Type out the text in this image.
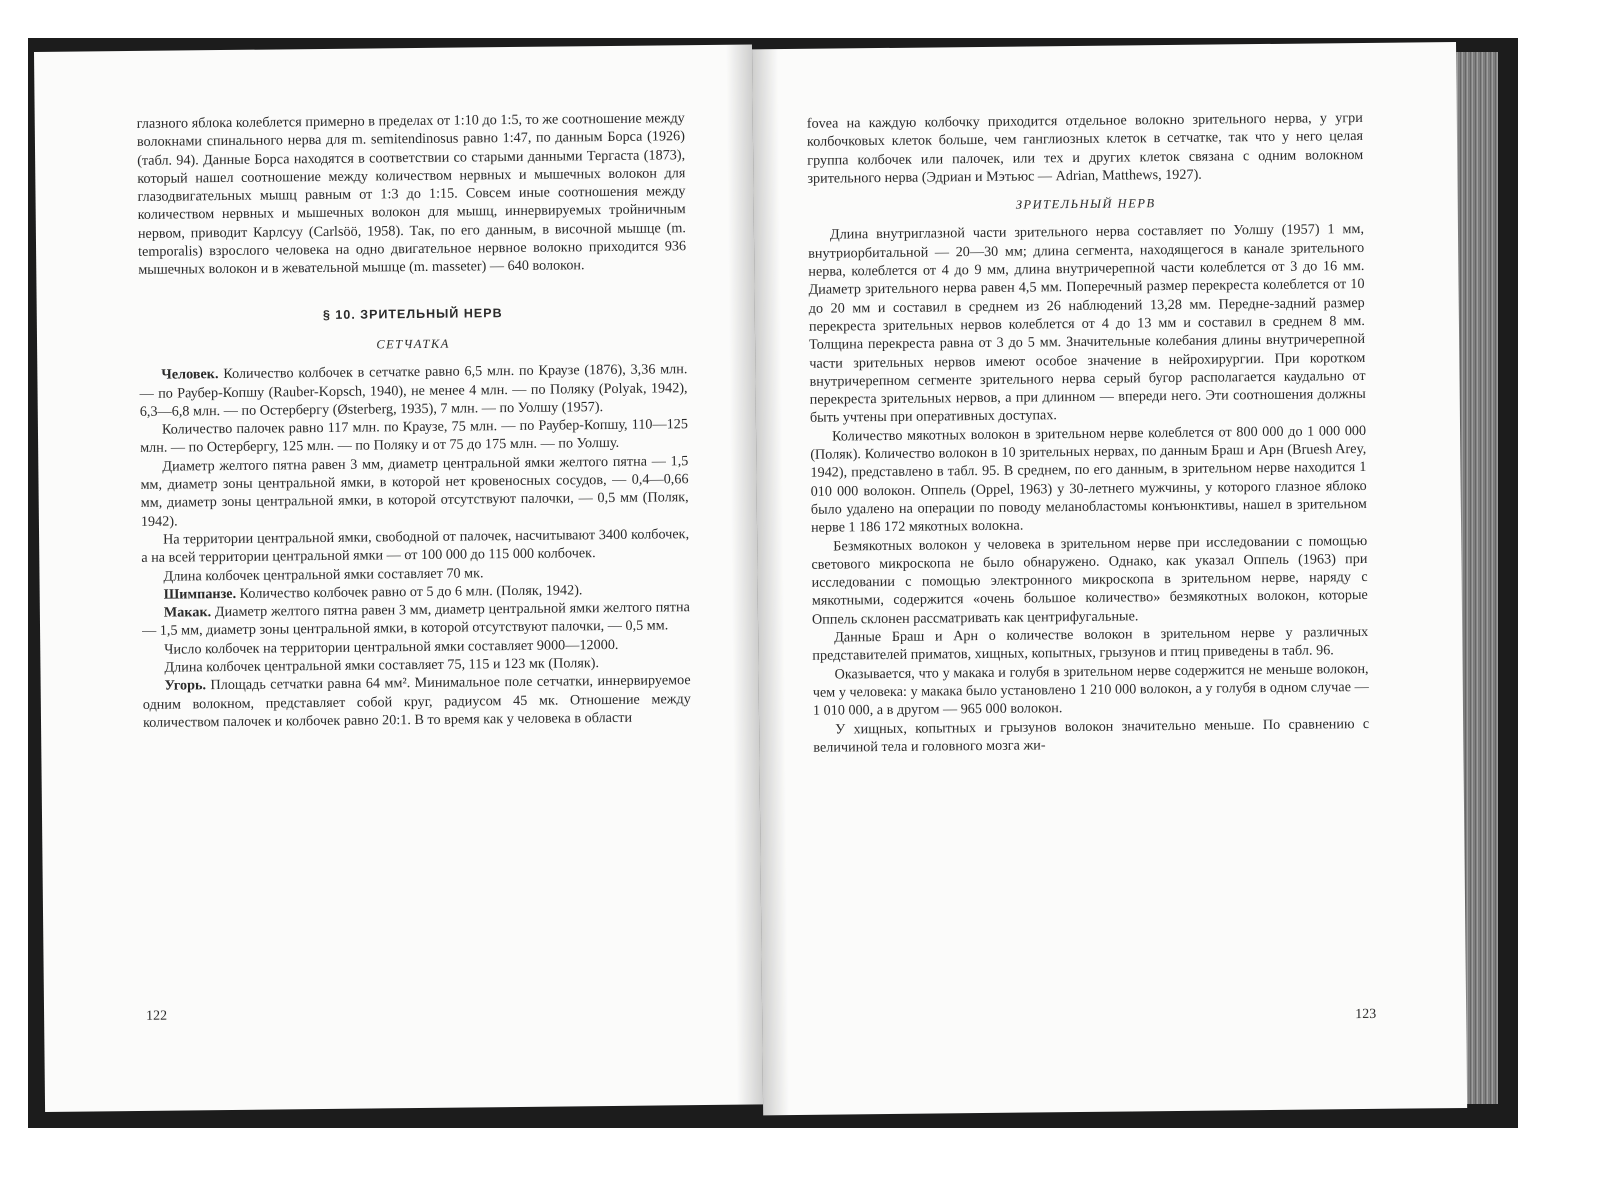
глазного яблока колеблется примерно в пределах от 1:10 до 1:5, то же соотношение между волокнами спинального нерва для m. semitendinosus равно 1:47, по данным Борса (1926) (табл. 94). Данные Борса находятся в соответствии со старыми данными Тергаста (1873), который нашел соотношение между количеством нервных и мышечных волокон для глазодвигательных мышц равным от 1:3 до 1:15. Совсем иные соотношения между количеством нервных и мышечных волокон для мышц, иннервируемых тройничным нервом, приводит Карлсуу (Carlsöö, 1958). Так, по его данным, в височной мышце (m. temporalis) взрослого человека на одно двигательное нервное волокно приходится 936 мышечных волокон и в жевательной мышце (m. masseter) — 640 волокон.

§ 10. ЗРИТЕЛЬНЫЙ НЕРВ
СЕТЧАТКА

Человек. Количество колбочек в сетчатке равно 6,5 млн. по Краузе (1876), 3,36 млн. — по Раубер-Копшу (Rauber-Kopsch, 1940), не менее 4 млн. — по Поляку (Polyak, 1942), 6,3—6,8 млн. — по Остербергу (Østerberg, 1935), 7 млн. — по Уолшу (1957).

Количество палочек равно 117 млн. по Краузе, 75 млн. — по Раубер-Копшу, 110—125 млн. — по Остербергу, 125 млн. — по Поляку и от 75 до 175 млн. — по Уолшу.

Диаметр желтого пятна равен 3 мм, диаметр центральной ямки желтого пятна — 1,5 мм, диаметр зоны центральной ямки, в которой нет кровеносных сосудов, — 0,4—0,66 мм, диаметр зоны центральной ямки, в которой отсутствуют палочки, — 0,5 мм (Поляк, 1942).

На территории центральной ямки, свободной от палочек, насчитывают 3400 колбочек, а на всей территории центральной ямки — от 100 000 до 115 000 колбочек.

Длина колбочек центральной ямки составляет 70 мк.

Шимпанзе. Количество колбочек равно от 5 до 6 млн. (Поляк, 1942).

Макак. Диаметр желтого пятна равен 3 мм, диаметр центральной ямки желтого пятна — 1,5 мм, диаметр зоны центральной ямки, в которой отсутствуют палочки, — 0,5 мм.

Число колбочек на территории центральной ямки составляет 9000—12000.

Длина колбочек центральной ямки составляет 75, 115 и 123 мк (Поляк).

Угорь. Площадь сетчатки равна 64 мм². Минимальное поле сетчатки, иннервируемое одним волокном, представляет собой круг, радиусом 45 мк. Отношение между количеством палочек и колбочек равно 20:1. В то время как у человека в области

122

fovea на каждую колбочку приходится отдельное волокно зрительного нерва, у угри колбочковых клеток больше, чем ганглиозных клеток в сетчатке, так что у него целая группа колбочек или палочек, или тех и других клеток связана с одним волокном зрительного нерва (Эдриан и Мэтьюс — Adrian, Matthews, 1927).

ЗРИТЕЛЬНЫЙ НЕРВ

Длина внутриглазной части зрительного нерва составляет по Уолшу (1957) 1 мм, внутриорбитальной — 20—30 мм; длина сегмента, находящегося в канале зрительного нерва, колеблется от 4 до 9 мм, длина внутричерепной части колеблется от 3 до 16 мм. Диаметр зрительного нерва равен 4,5 мм. Поперечный размер перекреста колеблется от 10 до 20 мм и составил в среднем из 26 наблюдений 13,28 мм. Передне-задний размер перекреста зрительных нервов колеблется от 4 до 13 мм и составил в среднем 8 мм. Толщина перекреста равна от 3 до 5 мм. Значительные колебания длины внутричерепной части зрительных нервов имеют особое значение в нейрохирургии. При коротком внутричерепном сегменте зрительного нерва серый бугор располагается каудально от перекреста зрительных нервов, а при длинном — впереди него. Эти соотношения должны быть учтены при оперативных доступах.

Количество мякотных волокон в зрительном нерве колеблется от 800 000 до 1 000 000 (Поляк). Количество волокон в 10 зрительных нервах, по данным Браш и Арн (Bruesh Arey, 1942), представлено в табл. 95. В среднем, по его данным, в зрительном нерве находится 1 010 000 волокон. Оппель (Oppel, 1963) у 30-летнего мужчины, у которого глазное яблоко было удалено на операции по поводу меланобластомы конъюнктивы, нашел в зрительном нерве 1 186 172 мякотных волокна.

Безмякотных волокон у человека в зрительном нерве при исследовании с помощью светового микроскопа не было обнаружено. Однако, как указал Оппель (1963) при исследовании с помощью электронного микроскопа в зрительном нерве, наряду с мякотными, содержится «очень большое количество» безмякотных волокон, которые Оппель склонен рассматривать как центрифугальные.

Данные Браш и Арн о количестве волокон в зрительном нерве у различных представителей приматов, хищных, копытных, грызунов и птиц приведены в табл. 96.

Оказывается, что у макака и голубя в зрительном нерве содержится не меньше волокон, чем у человека: у макака было установлено 1 210 000 волокон, а у голубя в одном случае — 1 010 000, а в другом — 965 000 волокон.

У хищных, копытных и грызунов волокон значительно меньше. По сравнению с величиной тела и головного мозга жи-

123
